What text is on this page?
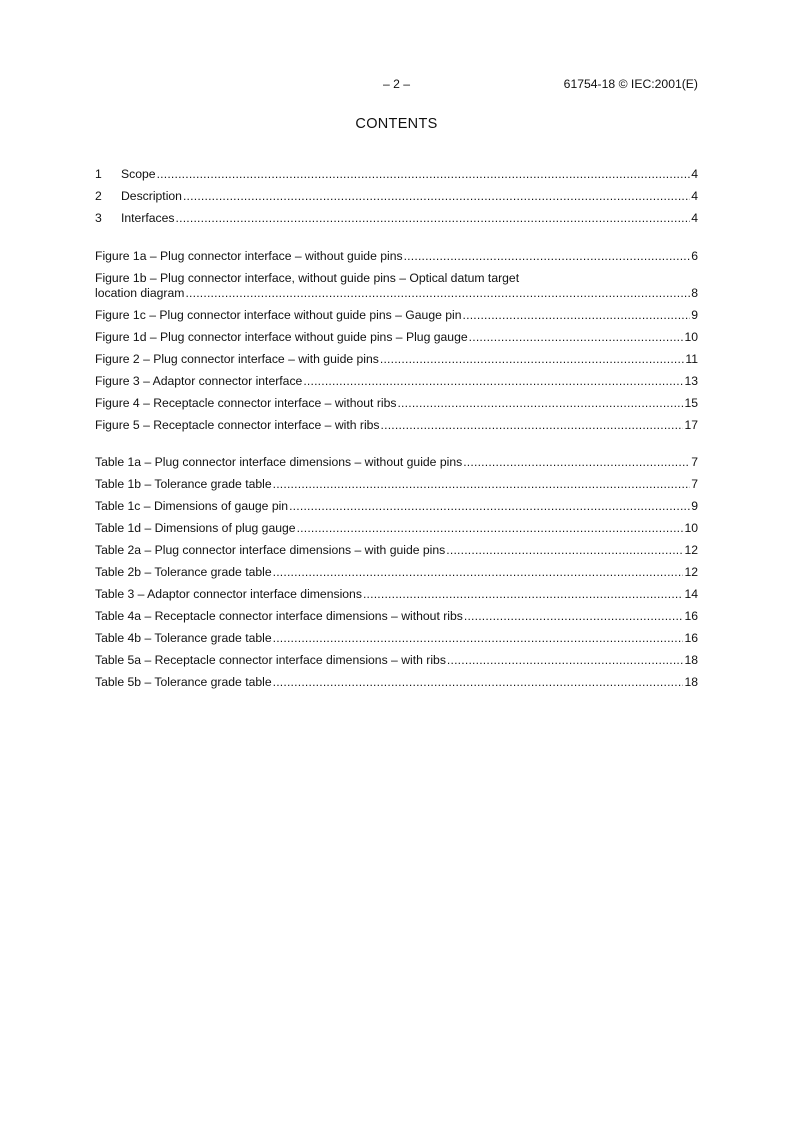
– 2 –	61754-18 © IEC:2001(E)
CONTENTS
1	Scope .....	4
2	Description .....	4
3	Interfaces .....	4
Figure 1a – Plug connector interface – without guide pins .....	6
Figure 1b – Plug connector interface, without guide pins – Optical datum target
location diagram .....	8
Figure 1c – Plug connector interface without guide pins – Gauge pin .....	9
Figure 1d – Plug connector interface without guide pins – Plug gauge .....	10
Figure 2 – Plug connector interface – with guide pins .....	11
Figure 3 – Adaptor connector interface .....	13
Figure 4 – Receptacle connector interface – without ribs .....	15
Figure 5 – Receptacle connector interface – with ribs .....	17
Table 1a – Plug connector interface dimensions – without guide pins .....	7
Table 1b – Tolerance grade table .....	7
Table 1c – Dimensions of gauge pin .....	9
Table 1d – Dimensions of plug gauge .....	10
Table 2a – Plug connector interface dimensions – with guide pins .....	12
Table 2b – Tolerance grade table .....	12
Table 3 – Adaptor connector interface dimensions .....	14
Table 4a – Receptacle connector interface dimensions – without ribs .....	16
Table 4b – Tolerance grade table .....	16
Table 5a – Receptacle connector interface dimensions – with ribs .....	18
Table 5b – Tolerance grade table .....	18
